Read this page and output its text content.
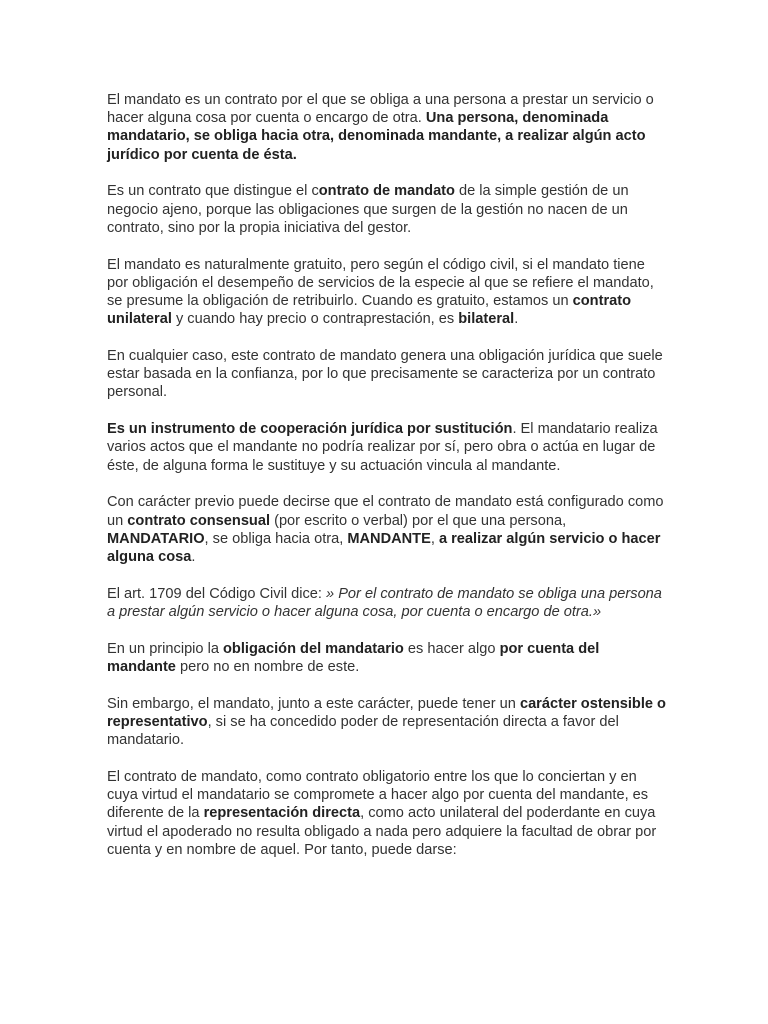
El mandato es un contrato por el que se obliga a una persona a prestar un servicio o hacer alguna cosa por cuenta o encargo de otra. Una persona, denominada mandatario, se obliga hacia otra, denominada mandante, a realizar algún acto jurídico por cuenta de ésta.

Es un contrato que distingue el contrato de mandato de la simple gestión de un negocio ajeno, porque las obligaciones que surgen de la gestión no nacen de un contrato, sino por la propia iniciativa del gestor.

El mandato es naturalmente gratuito, pero según el código civil, si el mandato tiene por obligación el desempeño de servicios de la especie al que se refiere el mandato, se presume la obligación de retribuirlo. Cuando es gratuito, estamos un contrato unilateral y cuando hay precio o contraprestación, es bilateral.

En cualquier caso, este contrato de mandato genera una obligación jurídica que suele estar basada en la confianza, por lo que precisamente se caracteriza por un contrato personal.

Es un instrumento de cooperación jurídica por sustitución. El mandatario realiza varios actos que el mandante no podría realizar por sí, pero obra o actúa en lugar de éste, de alguna forma le sustituye y su actuación vincula al mandante.

Con carácter previo puede decirse que el contrato de mandato está configurado como un contrato consensual (por escrito o verbal) por el que una persona, MANDATARIO, se obliga hacia otra, MANDANTE, a realizar algún servicio o hacer alguna cosa.

El art. 1709 del Código Civil dice: » Por el contrato de mandato se obliga una persona a prestar algún servicio o hacer alguna cosa, por cuenta o encargo de otra.»

En un principio la obligación del mandatario es hacer algo por cuenta del mandante pero no en nombre de este.

Sin embargo, el mandato, junto a este carácter, puede tener un carácter ostensible o representativo, si se ha concedido poder de representación directa a favor del mandatario.

El contrato de mandato, como contrato obligatorio entre los que lo conciertan y en cuya virtud el mandatario se compromete a hacer algo por cuenta del mandante, es diferente de la representación directa, como acto unilateral del poderdante en cuya virtud el apoderado no resulta obligado a nada pero adquiere la facultad de obrar por cuenta y en nombre de aquel. Por tanto, puede darse:
